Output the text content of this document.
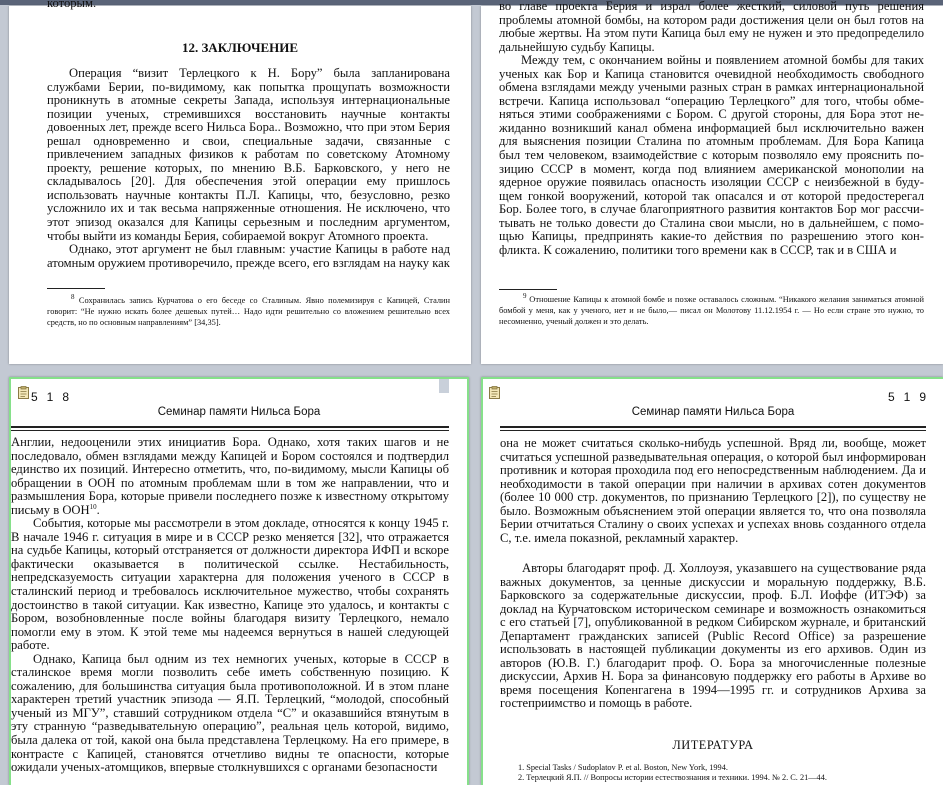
которым.
12. ЗАКЛЮЧЕНИЕ

Операция “визит Терлецкого к Н. Бору” была запланирована службами Берии, по-видимому, как попытка прощупать возможности проникнуть в атомные секреты Запада, используя интернациональные позиции ученых, стремившихся восстановить научные контакты довоенных лет, прежде всего Нильса Бора.. Возможно, что при этом Берия решал одновременно и свои, специальные задачи, связанные с привлечением западных физиков к работам по советскому Атомному проекту, решение которых, по мнению В.Б. Барковского, у него не складывалось [20]. Для обеспечения этой операции ему пришлось использовать научные контакты П.Л. Капицы, что, безусловно, резко усложнило их и так весьма напряженные отношения. Не исключено, что этот эпизод оказался для Капицы серьезным и последним аргументом, чтобы выйти из команды Берия, собираемой вокруг Атомного проекта.

Однако, этот аргумент не был главным: участие Капицы в работе над атомным оружием противоречило, прежде всего, его взглядам на науку как

$^8$ Сохранилась запись Курчатова о его беседе со Сталиным. Явно полемизируя с Капицей, Сталин говорит: “Не нужно искать более дешевых путей… Надо идти решительно со вложением решительно всех средств, но по основным направлениям” [34,35].

во главе проекта Берия и израл более жесткий, силовой путь решения проблемы атомной бомбы, на котором ради достижения цели он был готов на любые жертвы. На этом пути Капица был ему не нужен и это предопределило дальнейшую судьбу Капицы.

Между тем, с окончанием войны и появлением атомной бомбы для таких ученых как Бор и Капица становится очевидной необходимость свободного обмена взглядами между учеными разных стран в рамках интернациональной встречи. Капица использовал “операцию Терлецкого” для того, чтобы обменяться этими соображениями с Бором. С другой стороны, для Бора этот нежиданно возникший канал обмена информацией был исключительно важен для выяснения позиции Сталина по атомным проблемам. Для Бора Капица был тем человеком, взаимодействие с которым позволяло ему прояснить позицию СССР в момент, когда под влиянием американской монополии на ядерное оружие появилась опасность изоляции СССР с неизбежной в будущем гонкой вооружений, которой так опасался и от которой предостерегал Бор. Более того, в случае благоприятного развития контактов Бор мог рассчитывать не только довести до Сталина свои мысли, но в дальнейшем, с помощью Капицы, предпринять какие-то действия по разрешению этого конфликта. К сожалению, политики того времени как в СССР, так и в США и

$^9$ Отношение Капицы к атомной бомбе и позже оставалось сложным. “Никакого желания заниматься атомной бомбой у меня, как у ученого, нет и не было,— писал он Молотову 11.12.1954 г. — Но если стране это нужно, то несомненно, ученый должен и это делать.

518
Семинар памяти Нильса Бора

Англии, недооценили этих инициатив Бора. Однако, хотя таких шагов и не последовало, обмен взглядами между Капицей и Бором состоялся и подтвердил единство их позиций. Интересно отметить, что, по-видимому, мысли Капицы об обращении в ООН по атомным проблемам шли в том же направлении, что и размышления Бора, которые привели последнего позже к известному открытому письму в ООН$^{10}$.

События, которые мы рассмотрели в этом докладе, относятся к концу 1945 г. В начале 1946 г. ситуация в мире и в СССР резко меняется [32], что отражается на судьбе Капицы, который отстраняется от должности директора ИФП и вскоре фактически оказывается в политической ссылке. Нестабильность, непредсказуемость ситуации характерна для положения ученого в СССР в сталинский период и требовалось исключительное мужество, чтобы сохранять достоинство в такой ситуации. Как известно, Капице это удалось, и контакты с Бором, возобновленные после войны благодаря визиту Терлецкого, немало помогли ему в этом. К этой теме мы надеемся вернуться в нашей следующей работе.

Однако, Капица был одним из тех немногих ученых, которые в СССР в сталинское время могли позволить себе иметь собственную позицию. К сожалению, для большинства ситуация была противоположной. И в этом плане характерен третий участник эпизода — Я.П. Терлецкий, “молодой, способный ученый из МГУ”, ставший сотрудником отдела “С” и оказавшийся втянутым в эту странную “разведывательную операцию”, реальная цель которой, видимо, была далека от той, какой она была представлена Терлецкому. На его примере, в контрасте с Капицей, становятся отчетливо видны те опасности, которые ожидали ученых-атомщиков, впервые столкнувшихся с органами безопасности

519
Семинар памяти Нильса Бора

она не может считаться сколько-нибудь успешной. Вряд ли, вообще, может считаться успешной разведывательная операция, о которой был информирован противник и которая проходила под его непосредственным наблюдением. Да и необходимости в такой операции при наличии в архивах сотен документов (более 10 000 стр. документов, по признанию Терлецкого [2]), по существу не было. Возможным объяснением этой операции является то, что она позволяла Берии отчитаться Сталину о своих успехах и успехах вновь созданного отдела С, т.е. имела показной, рекламный характер.

Авторы благодарят проф. Д. Холлоуэя, указавшего на существование ряда важных документов, за ценные дискуссии и моральную поддержку, В.Б. Барковского за содержательные дискуссии, проф. Б.Л. Иоффе (ИТЭФ) за доклад на Курчатовском историческом семинаре и возможность ознакомиться с его статьей [7], опубликованной в редком Сибирском журнале, и британский Департамент гражданских записей (Public Record Office) за разрешение использовать в настоящей публикации документы из его архивов. Один из авторов (Ю.В. Г.) благодарит проф. О. Бора за многочисленные полезные дискуссии, Архив Н. Бора за финансовую поддержку его работы в Архиве во время посещения Копенгагена в 1994—1995 гг. и сотрудников Архива за гостеприимство и помощь в работе.

ЛИТЕРАТУРА
1. Special Tasks / Sudoplatov P. et al. Boston, New York, 1994.
2. Терлецкий Я.П. // Вопросы истории естествознания и техники. 1994. № 2. С. 21—44.
